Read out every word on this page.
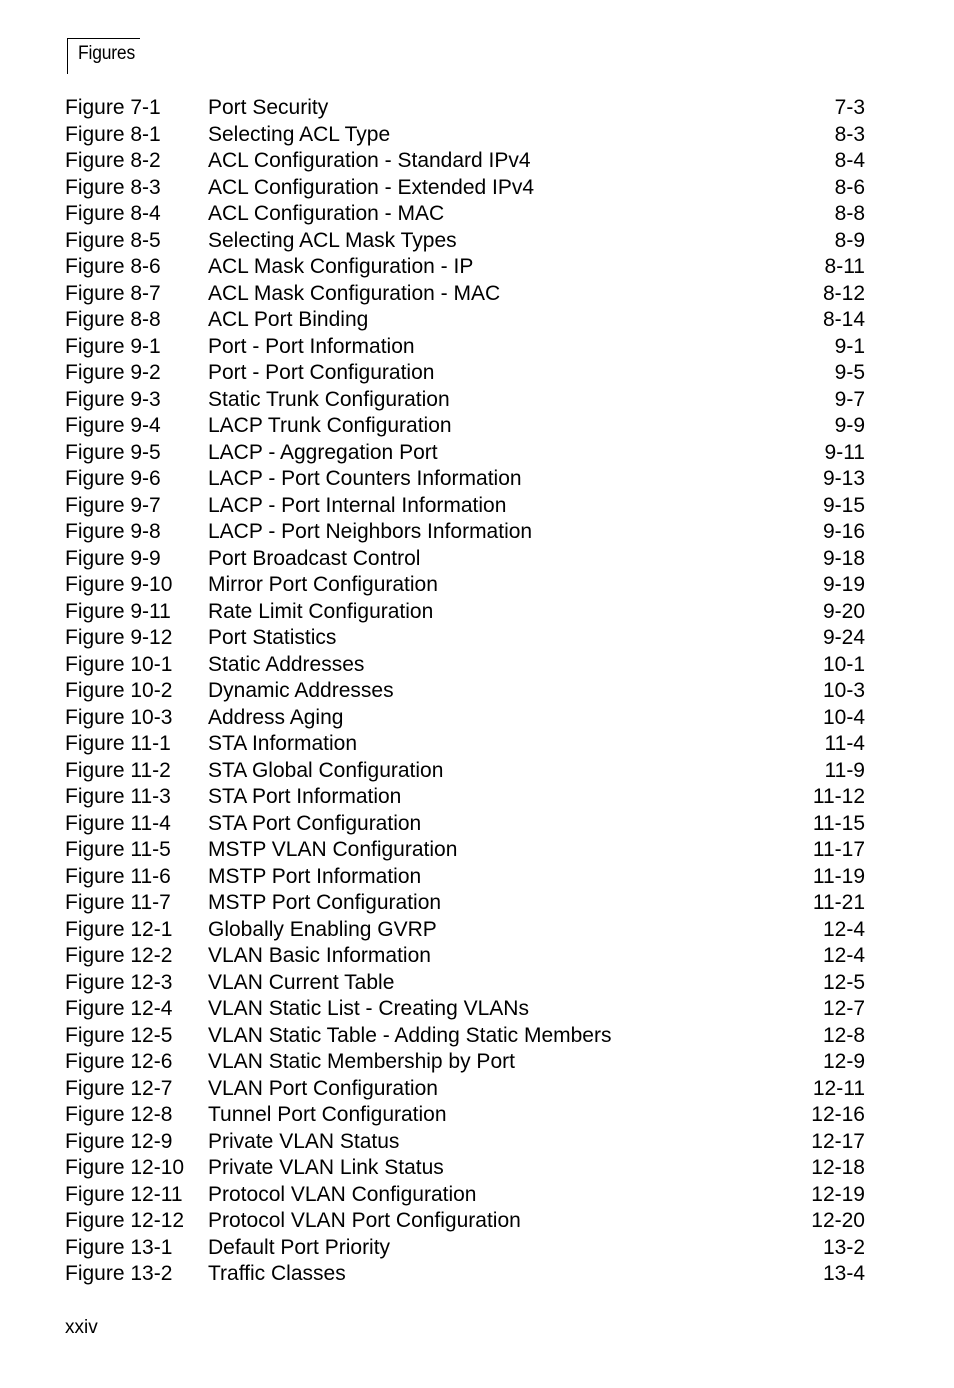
Figures
Figure 7-1 Port Security	7-3
Figure 8-1 Selecting ACL Type	8-3
Figure 8-2 ACL Configuration - Standard IPv4	8-4
Figure 8-3 ACL Configuration - Extended IPv4	8-6
Figure 8-4 ACL Configuration - MAC	8-8
Figure 8-5 Selecting ACL Mask Types	8-9
Figure 8-6 ACL Mask Configuration - IP	8-11
Figure 8-7 ACL Mask Configuration - MAC	8-12
Figure 8-8 ACL Port Binding	8-14
Figure 9-1 Port - Port Information	9-1
Figure 9-2 Port - Port Configuration	9-5
Figure 9-3 Static Trunk Configuration	9-7
Figure 9-4 LACP Trunk Configuration	9-9
Figure 9-5 LACP - Aggregation Port	9-11
Figure 9-6 LACP - Port Counters Information	9-13
Figure 9-7 LACP - Port Internal Information	9-15
Figure 9-8 LACP - Port Neighbors Information	9-16
Figure 9-9 Port Broadcast Control	9-18
Figure 9-10 Mirror Port Configuration	9-19
Figure 9-11 Rate Limit Configuration	9-20
Figure 9-12 Port Statistics	9-24
Figure 10-1 Static Addresses	10-1
Figure 10-2 Dynamic Addresses	10-3
Figure 10-3 Address Aging	10-4
Figure 11-1 STA Information	11-4
Figure 11-2 STA Global Configuration	11-9
Figure 11-3 STA Port Information	11-12
Figure 11-4 STA Port Configuration	11-15
Figure 11-5 MSTP VLAN Configuration	11-17
Figure 11-6 MSTP Port Information	11-19
Figure 11-7 MSTP Port Configuration	11-21
Figure 12-1 Globally Enabling GVRP	12-4
Figure 12-2 VLAN Basic Information	12-4
Figure 12-3 VLAN Current Table	12-5
Figure 12-4 VLAN Static List - Creating VLANs	12-7
Figure 12-5 VLAN Static Table - Adding Static Members	12-8
Figure 12-6 VLAN Static Membership by Port	12-9
Figure 12-7 VLAN Port Configuration	12-11
Figure 12-8 Tunnel Port Configuration	12-16
Figure 12-9 Private VLAN Status	12-17
Figure 12-10 Private VLAN Link Status	12-18
Figure 12-11 Protocol VLAN Configuration	12-19
Figure 12-12 Protocol VLAN Port Configuration	12-20
Figure 13-1 Default Port Priority	13-2
Figure 13-2 Traffic Classes	13-4
xxiv
